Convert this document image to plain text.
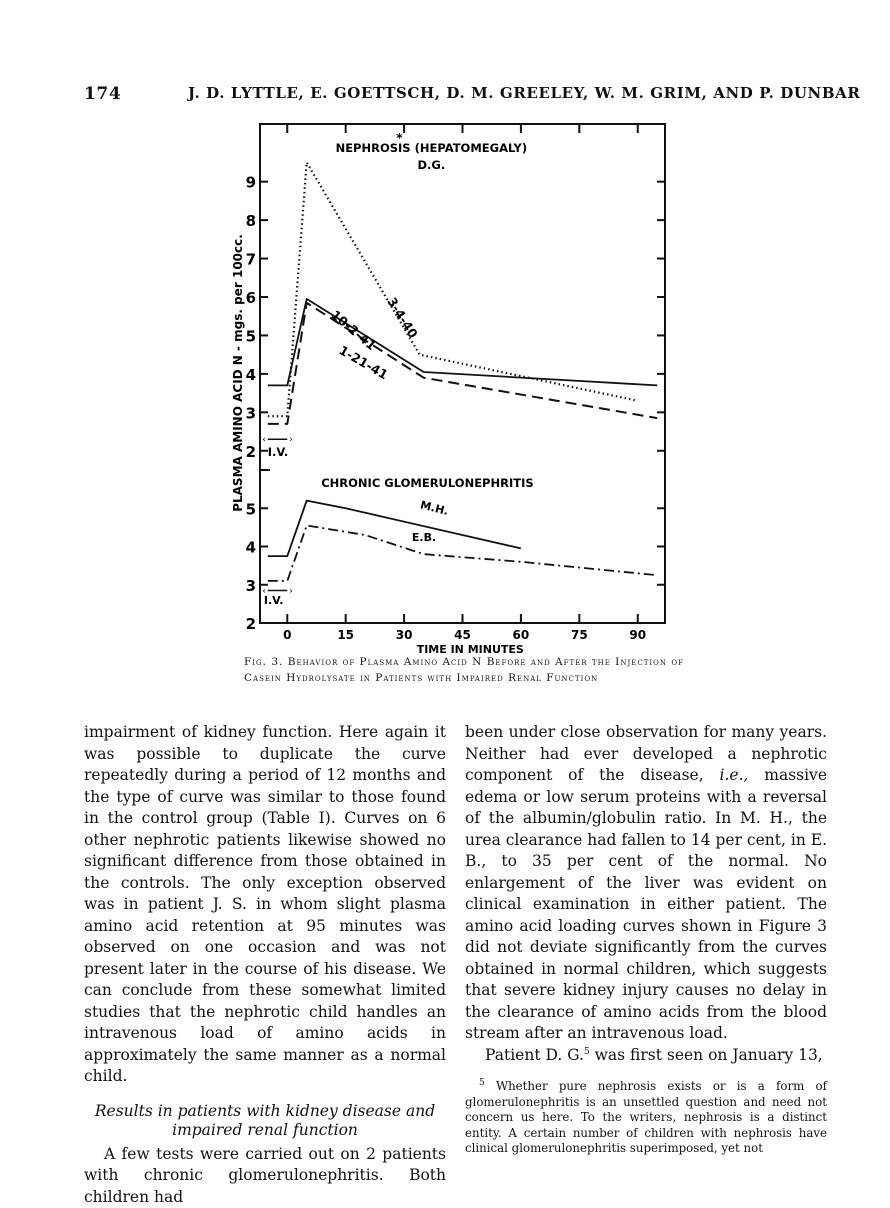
174	J. D. LYTTLE, E. GOETTSCH, D. M. GREELEY, W. M. GRIM, AND P. DUNBAR
2
3
4
5
6
7
8
9
2
3
4
5
0	15	30	45	60	75	90
NEPHROSIS (HEPATOMEGALY)
*
D.G.
CHRONIC GLOMERULONEPHRITIS
3-4-40
10-2-41
1-21-41
M.H.
E.B.
‹	›
I.V.
‹	›
I.V.
TIME IN MINUTES
PLASMA AMINO ACID N - mgs. per 100cc.
Fig. 3. Behavior of Plasma Amino Acid N Before and After the Injection of Casein Hydrolysate in Patients with Impaired Renal Function

impairment of kidney function. Here again it was possible to duplicate the curve repeatedly during a period of 12 months and the type of curve was similar to those found in the control group (Table I). Curves on 6 other nephrotic patients likewise showed no significant difference from those obtained in the controls. The only exception observed was in patient J. S. in whom slight plasma amino acid retention at 95 minutes was observed on one occasion and was not present later in the course of his disease. We can conclude from these somewhat limited studies that the nephrotic child handles an intravenous load of amino acids in approximately the same manner as a normal child.

Results in patients with kidney disease and impaired renal function

A few tests were carried out on 2 patients with chronic glomerulonephritis. Both children had

been under close observation for many years. Neither had ever developed a nephrotic component of the disease, i.e., massive edema or low serum proteins with a reversal of the albumin/globulin ratio. In M. H., the urea clearance had fallen to 14 per cent, in E. B., to 35 per cent of the normal. No enlargement of the liver was evident on clinical examination in either patient. The amino acid loading curves shown in Figure 3 did not deviate significantly from the curves obtained in normal children, which suggests that severe kidney injury causes no delay in the clearance of amino acids from the blood stream after an intravenous load.

Patient D. G.$^5$ was first seen on January 13,

$^5$ Whether pure nephrosis exists or is a form of glomerulonephritis is an unsettled question and need not concern us here. To the writers, nephrosis is a distinct entity. A certain number of children with nephrosis have clinical glomerulonephritis superimposed, yet not
